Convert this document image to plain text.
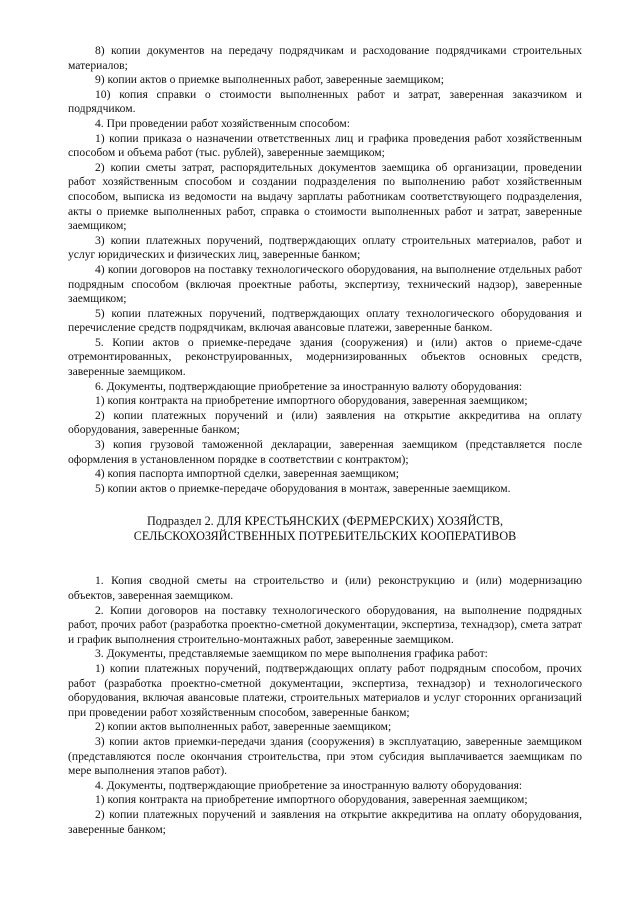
8) копии документов на передачу подрядчикам и расходование подрядчиками строительных материалов;

9) копии актов о приемке выполненных работ, заверенные заемщиком;

10) копия справки о стоимости выполненных работ и затрат, заверенная заказчиком и подрядчиком.

4. При проведении работ хозяйственным способом:

1) копии приказа о назначении ответственных лиц и графика проведения работ хозяйственным способом и объема работ (тыс. рублей), заверенные заемщиком;

2) копии сметы затрат, распорядительных документов заемщика об организации, проведении работ хозяйственным способом и создании подразделения по выполнению работ хозяйственным способом, выписка из ведомости на выдачу зарплаты работникам соответствующего подразделения, акты о приемке выполненных работ, справка о стоимости выполненных работ и затрат, заверенные заемщиком;

3) копии платежных поручений, подтверждающих оплату строительных материалов, работ и услуг юридических и физических лиц, заверенные банком;

4) копии договоров на поставку технологического оборудования, на выполнение отдельных работ подрядным способом (включая проектные работы, экспертизу, технический надзор), заверенные заемщиком;

5) копии платежных поручений, подтверждающих оплату технологического оборудования и перечисление средств подрядчикам, включая авансовые платежи, заверенные банком.

5. Копии актов о приемке-передаче здания (сооружения) и (или) актов о приеме-сдаче отремонтированных, реконструированных, модернизированных объектов основных средств, заверенные заемщиком.

6. Документы, подтверждающие приобретение за иностранную валюту оборудования:

1) копия контракта на приобретение импортного оборудования, заверенная заемщиком;

2) копии платежных поручений и (или) заявления на открытие аккредитива на оплату оборудования, заверенные банком;

3) копия грузовой таможенной декларации, заверенная заемщиком (представляется после оформления в установленном порядке в соответствии с контрактом);

4) копия паспорта импортной сделки, заверенная заемщиком;

5) копии актов о приемке-передаче оборудования в монтаж, заверенные заемщиком.

Подраздел 2. ДЛЯ КРЕСТЬЯНСКИХ (ФЕРМЕРСКИХ) ХОЗЯЙСТВ,
СЕЛЬСКОХОЗЯЙСТВЕННЫХ ПОТРЕБИТЕЛЬСКИХ КООПЕРАТИВОВ

1. Копия сводной сметы на строительство и (или) реконструкцию и (или) модернизацию объектов, заверенная заемщиком.

2. Копии договоров на поставку технологического оборудования, на выполнение подрядных работ, прочих работ (разработка проектно-сметной документации, экспертиза, технадзор), смета затрат и график выполнения строительно-монтажных работ, заверенные заемщиком.

3. Документы, представляемые заемщиком по мере выполнения графика работ:

1) копии платежных поручений, подтверждающих оплату работ подрядным способом, прочих работ (разработка проектно-сметной документации, экспертиза, технадзор) и технологического оборудования, включая авансовые платежи, строительных материалов и услуг сторонних организаций при проведении работ хозяйственным способом, заверенные банком;

2) копии актов выполненных работ, заверенные заемщиком;

3) копии актов приемки-передачи здания (сооружения) в эксплуатацию, заверенные заемщиком (представляются после окончания строительства, при этом субсидия выплачивается заемщикам по мере выполнения этапов работ).

4. Документы, подтверждающие приобретение за иностранную валюту оборудования:

1) копия контракта на приобретение импортного оборудования, заверенная заемщиком;

2) копии платежных поручений и заявления на открытие аккредитива на оплату оборудования, заверенные банком;
